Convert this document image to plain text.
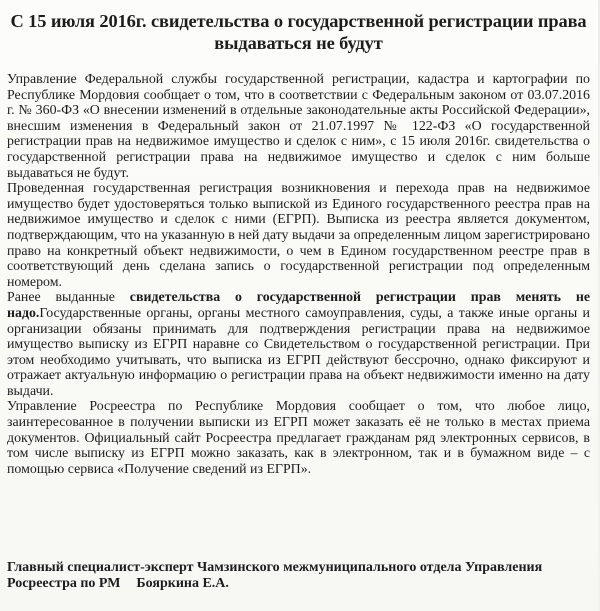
С 15 июля 2016г. свидетельства о государственной регистрации права
выдаваться не будут

Управление Федеральной службы государственной регистрации, кадастра и картографии по Республике Мордовия сообщает о том, что в соответствии с Федеральным законом от 03.07.2016 г. № 360-ФЗ «О внесении изменений в отдельные законодательные акты Российской Федерации», внесшим изменения в Федеральный закон от 21.07.1997 № 122-ФЗ «О государственной регистрации прав на недвижимое имущество и сделок с ним», с 15 июля 2016г. свидетельства о государственной регистрации права на недвижимое имущество и сделок с ним больше выдаваться не будут.

Проведенная государственная регистрация возникновения и перехода прав на недвижимое имущество будет удостоверяться только выпиской из Единого государственного реестра прав на недвижимое имущество и сделок с ними (ЕГРП). Выписка из реестра является документом, подтверждающим, что на указанную в ней дату выдачи за определенным лицом зарегистрировано право на конкретный объект недвижимости, о чем в Едином государственном реестре прав в соответствующий день сделана запись о государственной регистрации под определенным номером.

Ранее выданные свидетельства о государственной регистрации прав менять не надо.Государственные органы, органы местного самоуправления, суды, а также иные органы и организации обязаны принимать для подтверждения регистрации права на недвижимое имущество выписку из ЕГРП наравне со Свидетельством о государственной регистрации. При этом необходимо учитывать, что выписка из ЕГРП действуют бессрочно, однако фиксируют и отражает актуальную информацию о регистрации права на объект недвижимости именно на дату выдачи.

Управление Росреестра по Республике Мордовия сообщает о том, что любое лицо, заинтересованное в получении выписки из ЕГРП может заказать её не только в местах приема документов. Официальный сайт Росреестра предлагает гражданам ряд электронных сервисов, в том числе выписку из ЕГРП можно заказать, как в электронном, так и в бумажном виде – с помощью сервиса «Получение сведений из ЕГРП».

Главный специалист-эксперт Чамзинского межмуниципального отдела Управления
Росреестра по РМ Бояркина Е.А.
